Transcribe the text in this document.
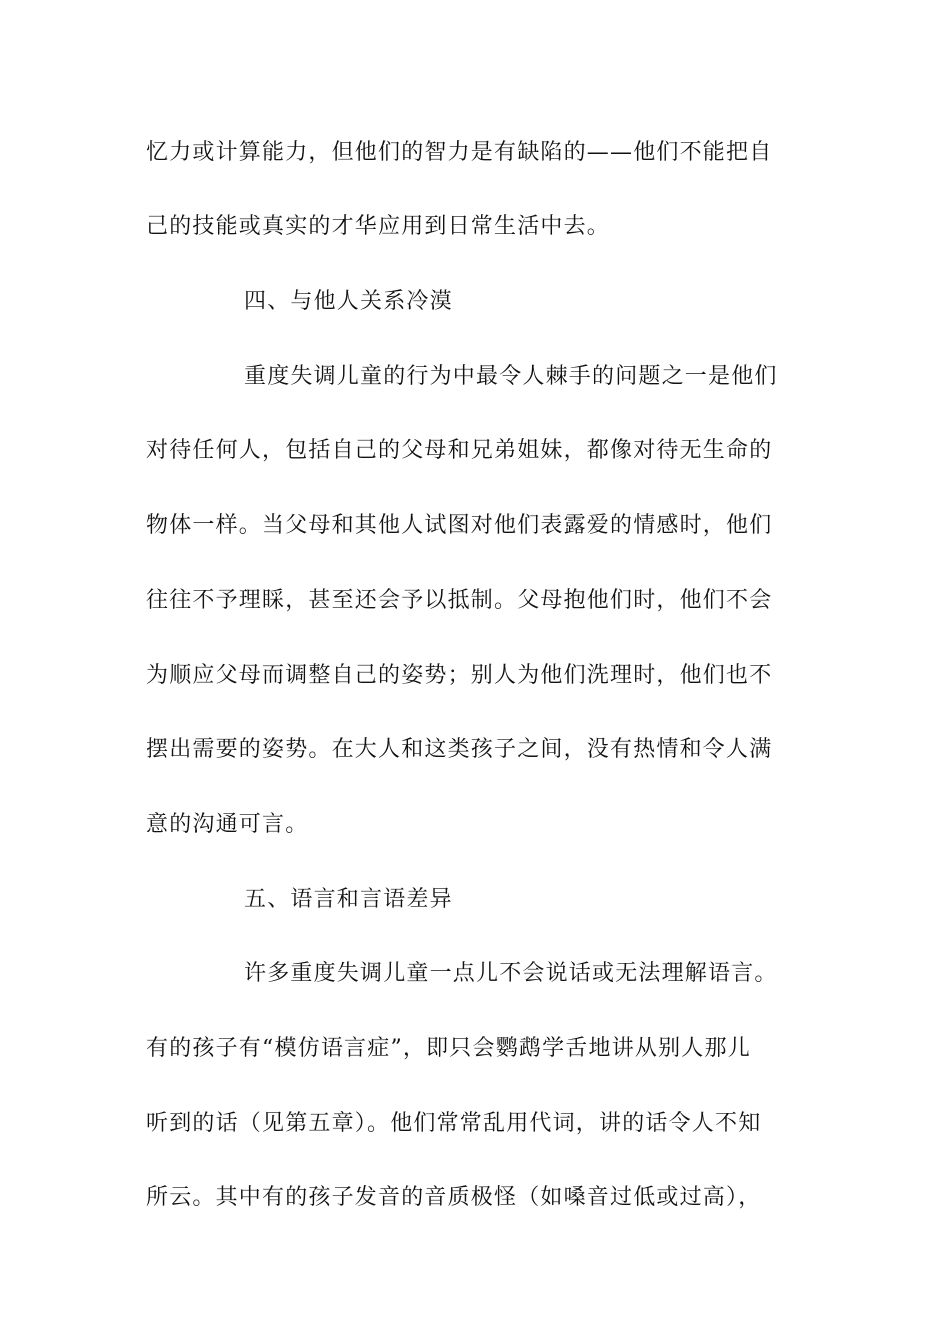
忆力或计算能力，但他们的智力是有缺陷的——他们不能把自
己的技能或真实的才华应用到日常生活中去。
四、与他人关系冷漠
重度失调儿童的行为中最令人棘手的问题之一是他们
对待任何人，包括自己的父母和兄弟姐妹，都像对待无生命的
物体一样。当父母和其他人试图对他们表露爱的情感时，他们
往往不予理睬，甚至还会予以抵制。父母抱他们时，他们不会
为顺应父母而调整自己的姿势；别人为他们洗理时，他们也不
摆出需要的姿势。在大人和这类孩子之间，没有热情和令人满
意的沟通可言。
五、语言和言语差异
许多重度失调儿童一点儿不会说话或无法理解语言。
有的孩子有“模仿语言症”，即只会鹦鹉学舌地讲从别人那儿
听到的话（见第五章）。他们常常乱用代词，讲的话令人不知
所云。其中有的孩子发音的音质极怪（如嗓音过低或过高），
